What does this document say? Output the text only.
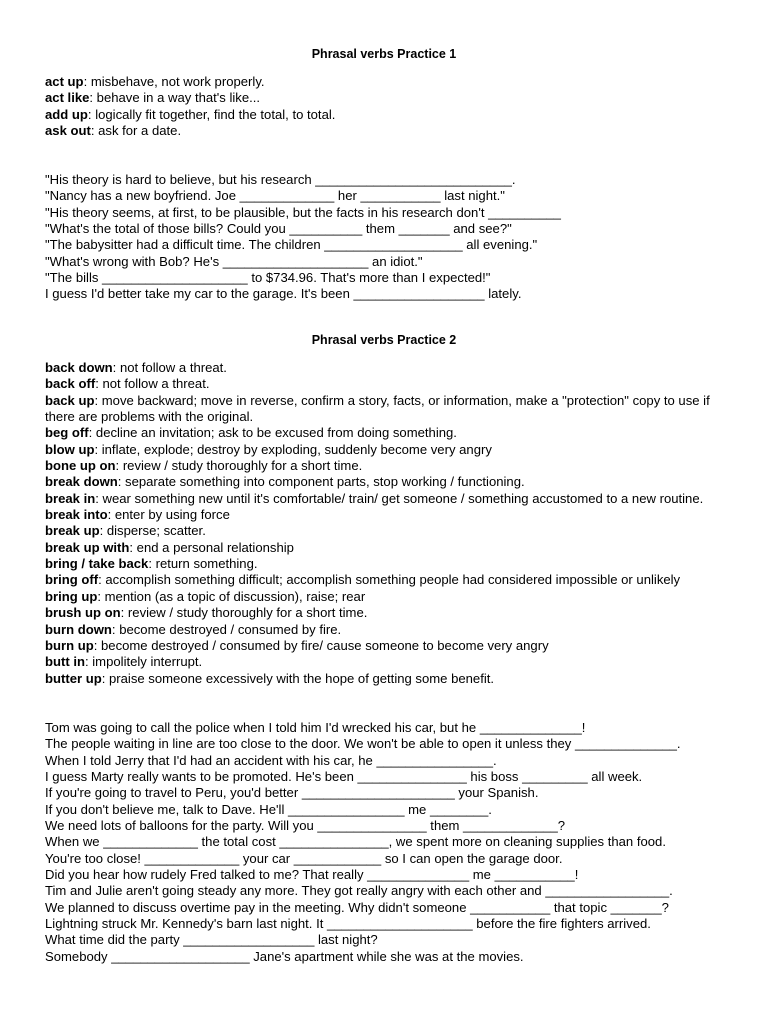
Phrasal verbs Practice 1
act up: misbehave, not work properly.
act like: behave in a way that's like...
add up: logically fit together, find the total, to total.
ask out: ask for a date.
"His theory is hard to believe, but his research ___________________________.
"Nancy has a new boyfriend. Joe _____________ her ___________ last night."
"His theory seems, at first, to be plausible, but the facts in his research don't __________
"What's the total of those bills? Could you __________ them _______ and see?"
"The babysitter had a difficult time. The children ___________________ all evening."
"What's wrong with Bob? He's ____________________ an idiot."
"The bills ____________________ to $734.96. That's more than I expected!"
I guess I'd better take my car to the garage. It's been __________________ lately.
Phrasal verbs Practice 2
back down: not follow a threat.
back off: not follow a threat.
back up: move backward; move in reverse, confirm a story, facts, or information, make a "protection" copy to use if there are problems with the original.
beg off: decline an invitation; ask to be excused from doing something.
blow up: inflate, explode; destroy by exploding, suddenly become very angry
bone up on: review / study thoroughly for a short time.
break down: separate something into component parts, stop working / functioning.
break in: wear something new until it's comfortable/ train/ get someone / something accustomed to a new routine.
break into: enter by using force
break up: disperse; scatter.
break up with: end a personal relationship
bring / take back: return something.
bring off: accomplish something difficult; accomplish something people had considered impossible or unlikely
bring up: mention (as a topic of discussion), raise; rear
brush up on: review / study thoroughly for a short time.
burn down: become destroyed / consumed by fire.
burn up: become destroyed / consumed by fire/ cause someone to become very angry
butt in: impolitely interrupt.
butter up: praise someone excessively with the hope of getting some benefit.
Tom was going to call the police when I told him I'd wrecked his car, but he ______________!
The people waiting in line are too close to the door. We won't be able to open it unless they ______________.
When I told Jerry that I'd had an accident with his car, he ________________.
I guess Marty really wants to be promoted. He's been _______________ his boss _________ all week.
If you're going to travel to Peru, you'd better _____________________ your Spanish.
If you don't believe me, talk to Dave. He'll ________________ me ________.
We need lots of balloons for the party. Will you _______________ them _____________?
When we _____________ the total cost _______________, we spent more on cleaning supplies than food.
You're too close! _____________ your car ____________ so I can open the garage door.
Did you hear how rudely Fred talked to me? That really ______________ me ___________!
Tim and Julie aren't going steady any more. They got really angry with each other and _________________.
We planned to discuss overtime pay in the meeting. Why didn't someone ___________ that topic _______?
Lightning struck Mr. Kennedy's barn last night. It ____________________ before the fire fighters arrived.
What time did the party __________________ last night?
Somebody ___________________ Jane's apartment while she was at the movies.
